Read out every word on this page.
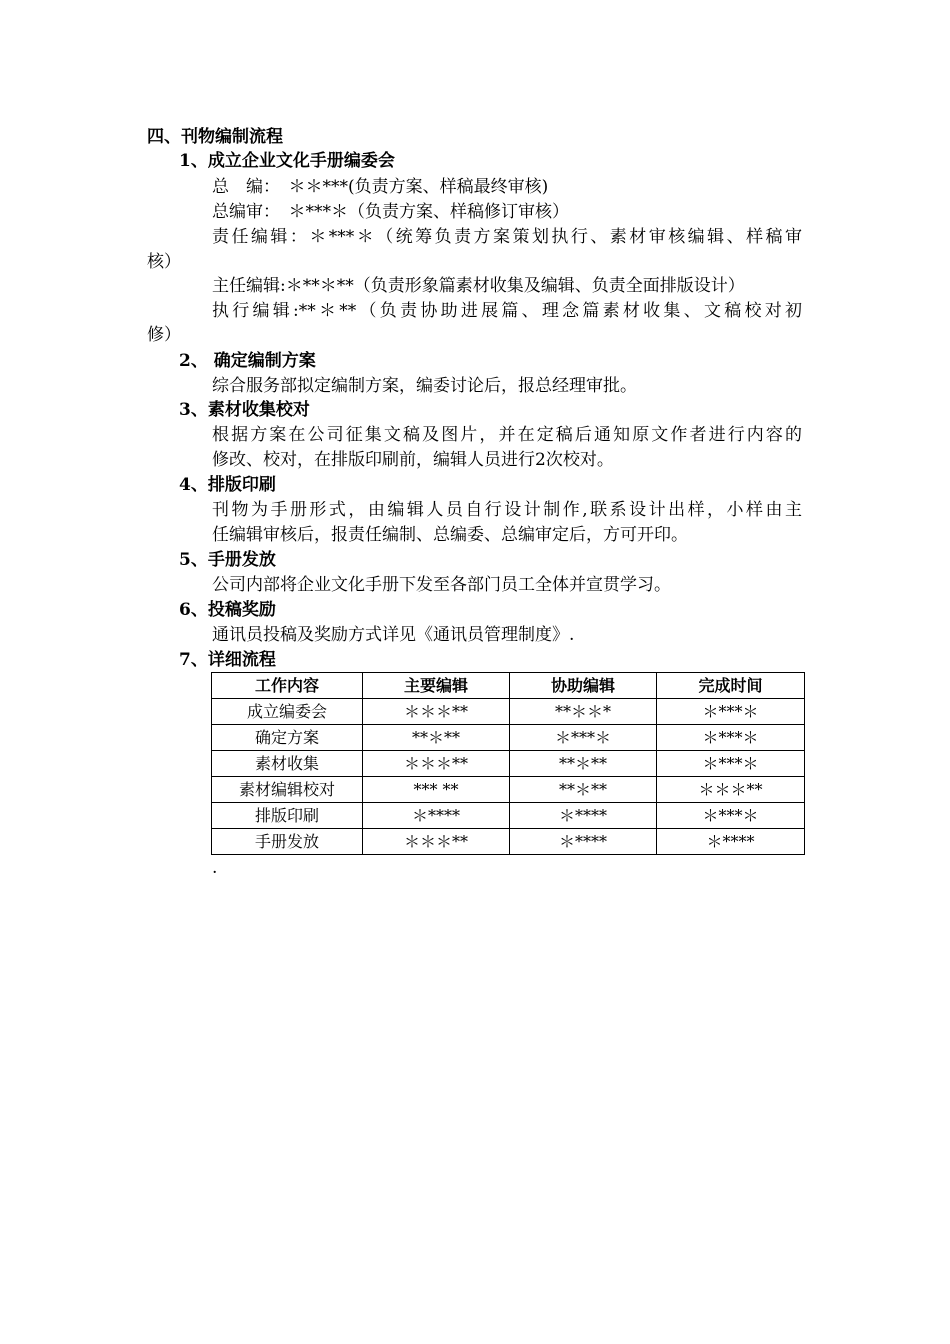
四、刊物编制流程
1、成立企业文化手册编委会
总　编：　＊＊***(负责方案、样稿最终审核)
总编审：　＊***＊（负责方案、样稿修订审核）
责任编辑：＊***＊（统筹负责方案策划执行、素材审核编辑、样稿审
核）
主任编辑:＊**＊**（负责形象篇素材收集及编辑、负责全面排版设计）
执行编辑:**＊**（负责协助进展篇、理念篇素材收集、文稿校对初
修）
2、 确定编制方案
综合服务部拟定编制方案，编委讨论后，报总经理审批。
3、素材收集校对
根据方案在公司征集文稿及图片，并在定稿后通知原文作者进行内容的
修改、校对，在排版印刷前，编辑人员进行2次校对。
4、排版印刷
刊物为手册形式，由编辑人员自行设计制作,联系设计出样，小样由主
任编辑审核后，报责任编制、总编委、总编审定后，方可开印。
5、手册发放
公司内部将企业文化手册下发至各部门员工全体并宣贯学习。
6、投稿奖励
通讯员投稿及奖励方式详见《通讯员管理制度》.
7、详细流程
工作内容	主要编辑	协助编辑	完成时间
成立编委会	＊＊＊**	**＊＊*	＊***＊
确定方案	**＊**	＊***＊	＊***＊
素材收集	＊＊＊**	**＊**	＊***＊
素材编辑校对	*** **	**＊**	＊＊＊**
排版印刷	＊****	＊****	＊***＊
手册发放	＊＊＊**	＊****	＊****
.
